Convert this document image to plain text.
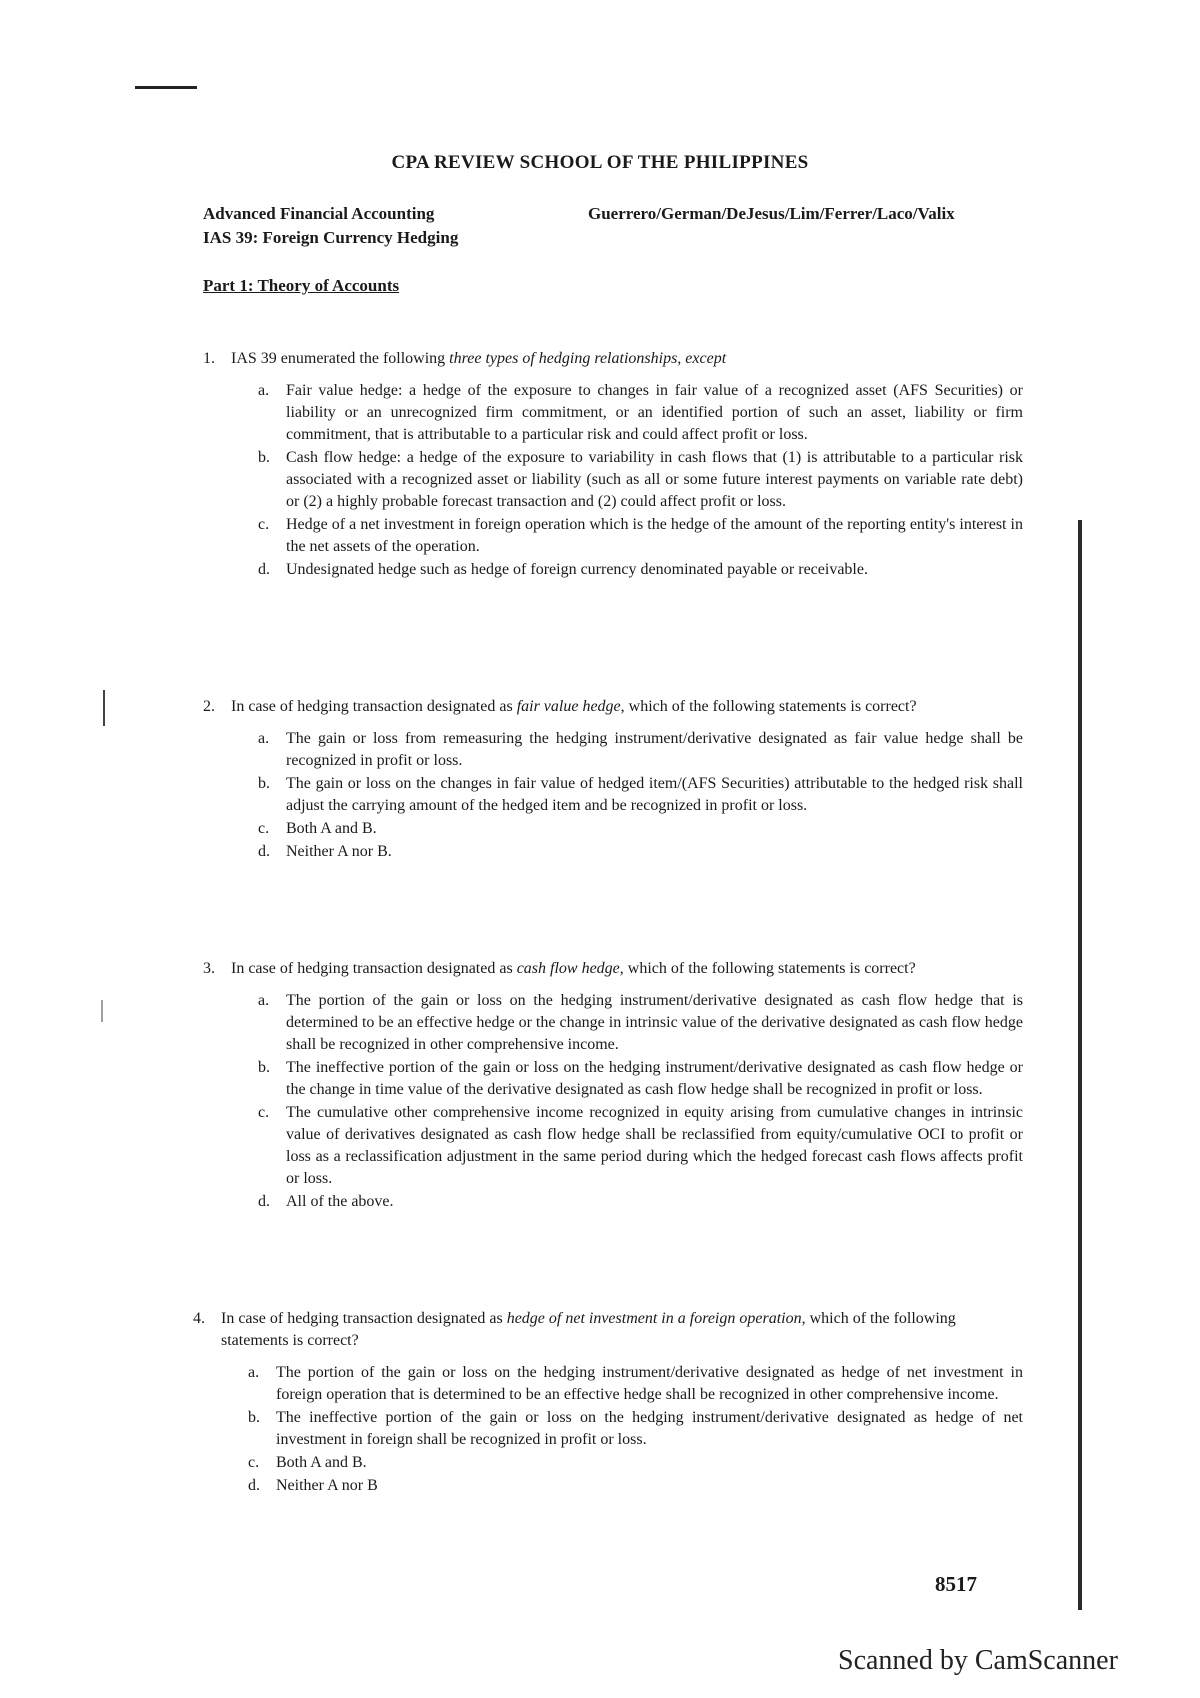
CPA REVIEW SCHOOL OF THE PHILIPPINES
Advanced Financial Accounting
IAS 39: Foreign Currency Hedging
Guerrero/German/DeJesus/Lim/Ferrer/Laco/Valix
Part 1: Theory of Accounts
1. IAS 39 enumerated the following three types of hedging relationships, except
a. Fair value hedge: a hedge of the exposure to changes in fair value of a recognized asset (AFS Securities) or liability or an unrecognized firm commitment, or an identified portion of such an asset, liability or firm commitment, that is attributable to a particular risk and could affect profit or loss.
b. Cash flow hedge: a hedge of the exposure to variability in cash flows that (1) is attributable to a particular risk associated with a recognized asset or liability (such as all or some future interest payments on variable rate debt) or (2) a highly probable forecast transaction and (2) could affect profit or loss.
c. Hedge of a net investment in foreign operation which is the hedge of the amount of the reporting entity's interest in the net assets of the operation.
d. Undesignated hedge such as hedge of foreign currency denominated payable or receivable.
2. In case of hedging transaction designated as fair value hedge, which of the following statements is correct?
a. The gain or loss from remeasuring the hedging instrument/derivative designated as fair value hedge shall be recognized in profit or loss.
b. The gain or loss on the changes in fair value of hedged item/(AFS Securities) attributable to the hedged risk shall adjust the carrying amount of the hedged item and be recognized in profit or loss.
c. Both A and B.
d. Neither A nor B.
3. In case of hedging transaction designated as cash flow hedge, which of the following statements is correct?
a. The portion of the gain or loss on the hedging instrument/derivative designated as cash flow hedge that is determined to be an effective hedge or the change in intrinsic value of the derivative designated as cash flow hedge shall be recognized in other comprehensive income.
b. The ineffective portion of the gain or loss on the hedging instrument/derivative designated as cash flow hedge or the change in time value of the derivative designated as cash flow hedge shall be recognized in profit or loss.
c. The cumulative other comprehensive income recognized in equity arising from cumulative changes in intrinsic value of derivatives designated as cash flow hedge shall be reclassified from equity/cumulative OCI to profit or loss as a reclassification adjustment in the same period during which the hedged forecast cash flows affects profit or loss.
d. All of the above.
4. In case of hedging transaction designated as hedge of net investment in a foreign operation, which of the following statements is correct?
a. The portion of the gain or loss on the hedging instrument/derivative designated as hedge of net investment in foreign operation that is determined to be an effective hedge shall be recognized in other comprehensive income.
b. The ineffective portion of the gain or loss on the hedging instrument/derivative designated as hedge of net investment in foreign shall be recognized in profit or loss.
c. Both A and B.
d. Neither A nor B
8517
Scanned by CamScanner
